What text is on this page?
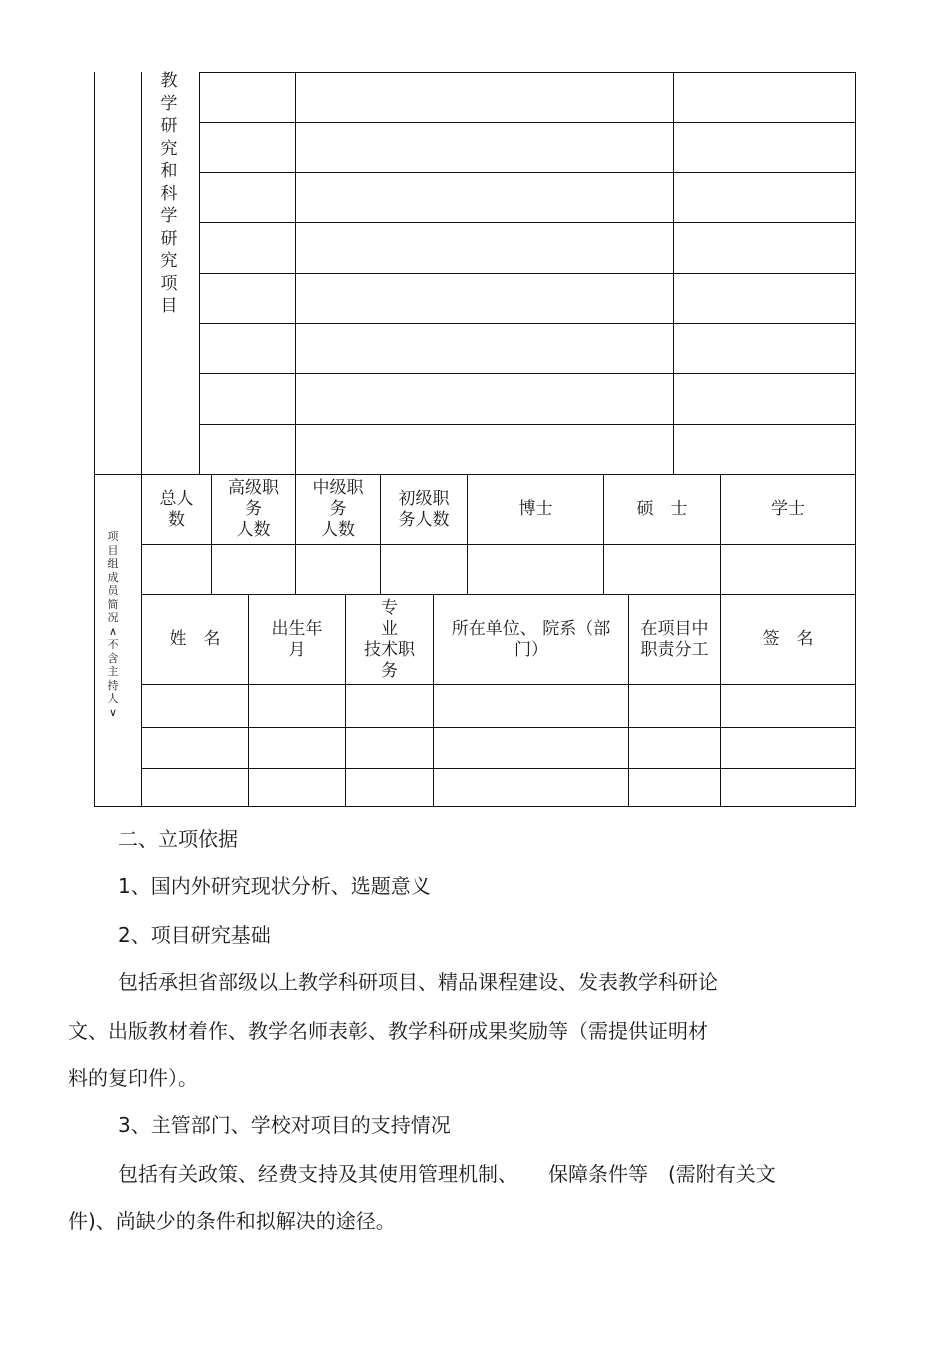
教
学
研
究
和
科
学
研
究
项
目
项
目
组
成
员
简
况
∧
不
含
主
持
人
∨
总人
数
高级职
务
人数
中级职
务
人数
初级职
务人数
博士	硕　士	学士
姓　名
出生年
月
专
业
技术职
务
所在单位、 院系（部
门）
在项目中
职责分工
签　名
二、立项依据
1、国内外研究现状分析、选题意义
2、项目研究基础
包括承担省部级以上教学科研项目、精品课程建设、发表教学科研论
文、出版教材着作、教学名师表彰、教学科研成果奖励等（需提供证明材
料的复印件）。
3、主管部门、学校对项目的支持情况
包括有关政策、经费支持及其使用管理机制、　　保障条件等　(需附有关文
件)、尚缺少的条件和拟解决的途径。
